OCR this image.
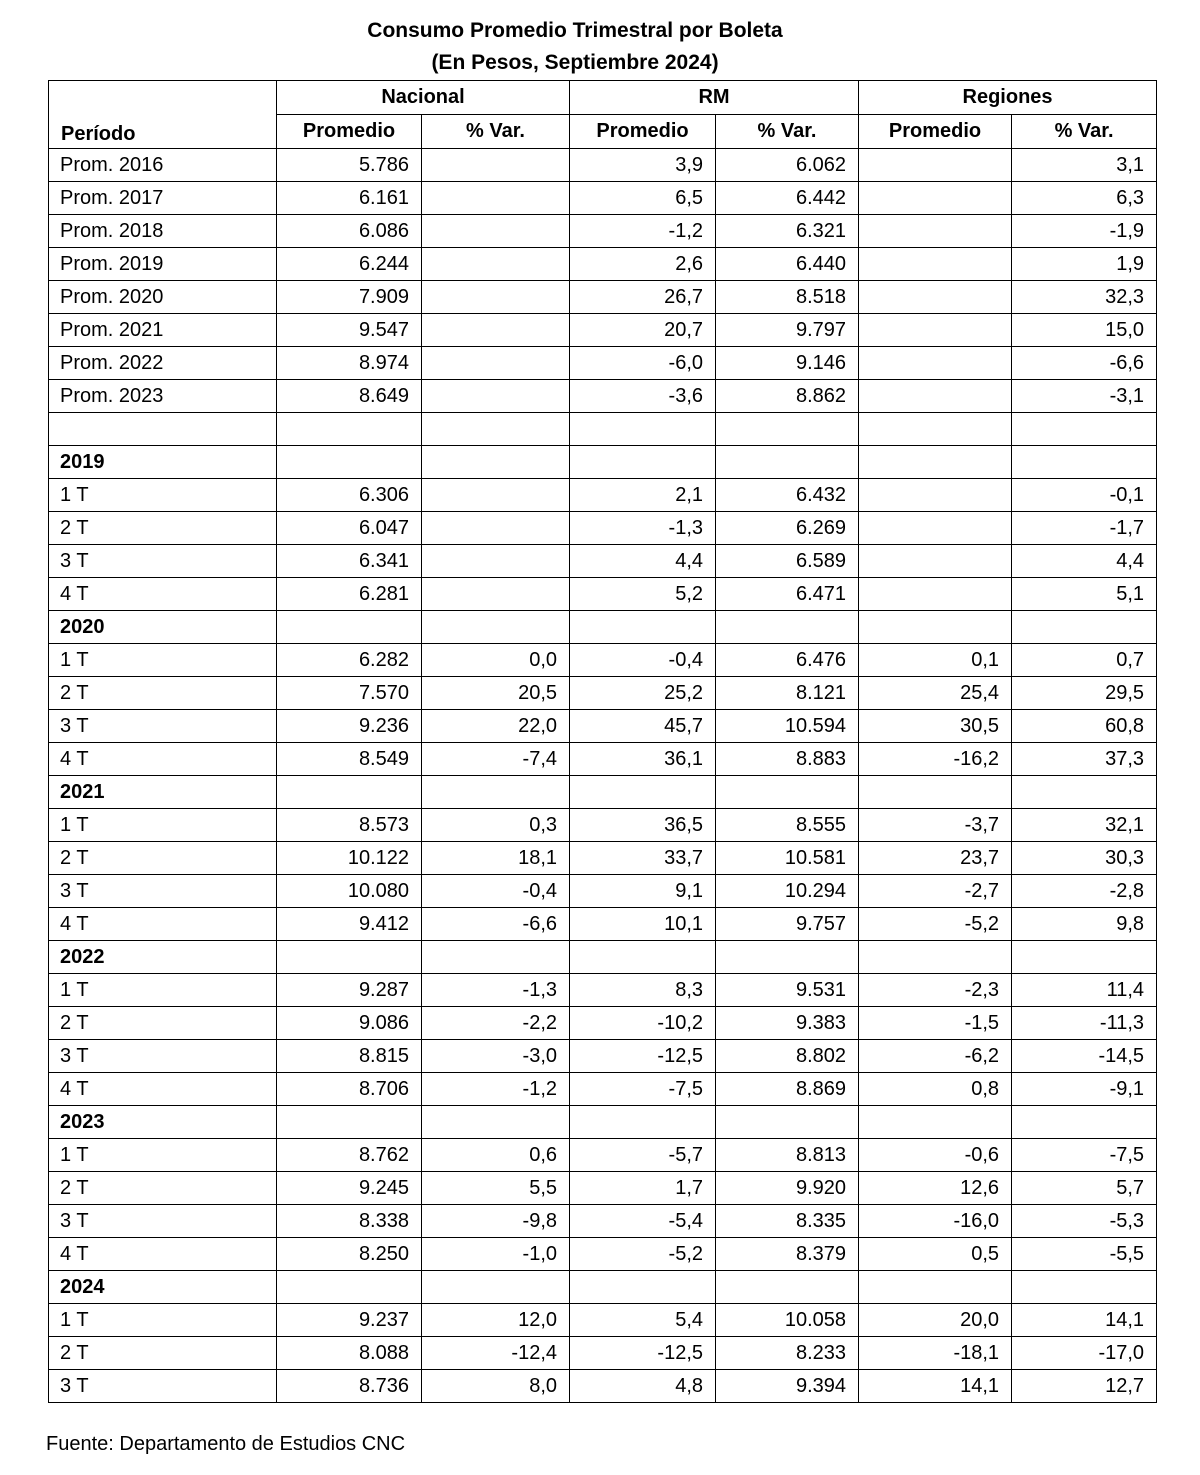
Consumo Promedio Trimestral por Boleta
(En Pesos, Septiembre 2024)
	Nacional		RM		Regiones	
Período	Promedio	% Var.	Promedio	% Var.	Promedio	% Var.
Prom. 2016	5.786		3,9	6.062		3,1
Prom. 2017	6.161		6,5	6.442		6,3
Prom. 2018	6.086		-1,2	6.321		-1,9
Prom. 2019	6.244		2,6	6.440		1,9
Prom. 2020	7.909		26,7	8.518		32,3
Prom. 2021	9.547		20,7	9.797		15,0
Prom. 2022	8.974		-6,0	9.146		-6,6
Prom. 2023	8.649		-3,6	8.862		-3,1

2019						
1 T	6.306		2,1	6.432		-0,1
2 T	6.047		-1,3	6.269		-1,7
3 T	6.341		4,4	6.589		4,4
4 T	6.281		5,2	6.471		5,1
2020						
1 T	6.282	0,0	-0,4	6.476	0,1	0,7
2 T	7.570	20,5	25,2	8.121	25,4	29,5
3 T	9.236	22,0	45,7	10.594	30,5	60,8
4 T	8.549	-7,4	36,1	8.883	-16,2	37,3
2021						
1 T	8.573	0,3	36,5	8.555	-3,7	32,1
2 T	10.122	18,1	33,7	10.581	23,7	30,3
3 T	10.080	-0,4	9,1	10.294	-2,7	-2,8
4 T	9.412	-6,6	10,1	9.757	-5,2	9,8
2022						
1 T	9.287	-1,3	8,3	9.531	-2,3	11,4
2 T	9.086	-2,2	-10,2	9.383	-1,5	-11,3
3 T	8.815	-3,0	-12,5	8.802	-6,2	-14,5
4 T	8.706	-1,2	-7,5	8.869	0,8	-9,1
2023						
1 T	8.762	0,6	-5,7	8.813	-0,6	-7,5
2 T	9.245	5,5	1,7	9.920	12,6	5,7
3 T	8.338	-9,8	-5,4	8.335	-16,0	-5,3
4 T	8.250	-1,0	-5,2	8.379	0,5	-5,5
2024						
1 T	9.237	12,0	5,4	10.058	20,0	14,1
2 T	8.088	-12,4	-12,5	8.233	-18,1	-17,0
3 T	8.736	8,0	4,8	9.394	14,1	12,7
Fuente: Departamento de Estudios CNC
